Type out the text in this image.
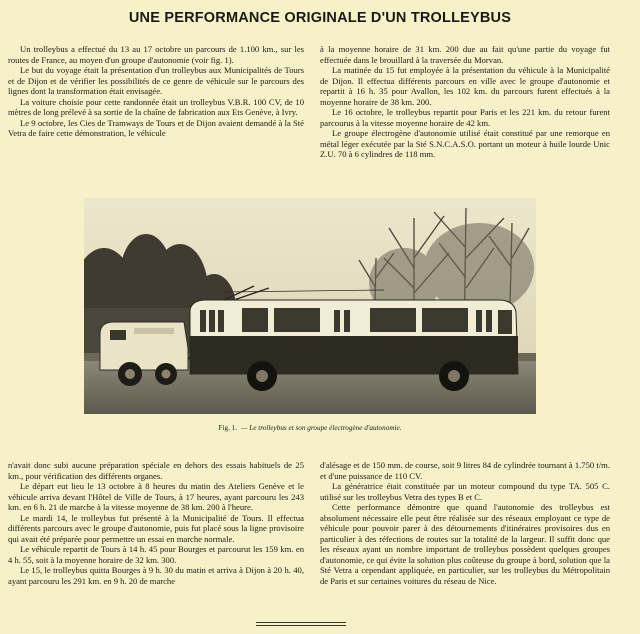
UNE PERFORMANCE ORIGINALE D'UN TROLLEYBUS

Un trolleybus a effectué du 13 au 17 octobre un parcours de 1.100 km., sur les routes de France, au moyen d'un groupe d'autonomie (voir fig. 1).

Le but du voyage était la présentation d'un trolleybus aux Municipalités de Tours et de Dijon et de vérifier les possibilités de ce genre de véhicule sur le parcours des lignes dont la transformation était envisagée.

La voiture choisie pour cette randonnée était un trolleybus V.B.R. 100 CV, de 10 mètres de long prélevé à sa sortie de la chaîne de fabrication aux Ets Genève, à Ivry.

Le 9 octobre, les Cies de Tramways de Tours et de Dijon avaient demandé à la Sté Vetra de faire cette démonstration, le véhicule

à la moyenne horaire de 31 km. 200 due au fait qu'une partie du voyage fut effectuée dans le brouillard à la traversée du Morvan.

La matinée du 15 fut employée à la présentation du véhicule à la Municipalité de Dijon. Il effectua différents parcours en ville avec le groupe d'autonomie et repartit à 16 h. 35 pour Avallon, les 102 km. du parcours furent effectués à la moyenne horaire de 38 km. 200.

Le 16 octobre, le trolleybus repartit pour Paris et les 221 km. du retour furent parcourus à la vitesse moyenne horaire de 42 km.

Le groupe électrogène d'autonomie utilisé était constitué par une remorque en métal léger exécutée par la Sté S.N.C.A.S.O. portant un moteur à huile lourde Unic Z.U. 70 à 6 cylindres de 118 mm.

Fig. 1. — Le trolleybus et son groupe électrogène d'autonomie.

n'avait donc subi aucune préparation spéciale en dehors des essais habituels de 25 km., pour vérification des différents organes.

Le départ eut lieu le 13 octobre à 8 heures du matin des Ateliers Genève et le véhicule arriva devant l'Hôtel de Ville de Tours, à 17 heures, ayant parcouru les 243 km. en 6 h. 21 de marche à la vitesse moyenne de 38 km. 200 à l'heure.

Le mardi 14, le trolleybus fut présenté à la Municipalité de Tours. Il effectua différents parcours avec le groupe d'autonomie, puis fut placé sous la ligne provisoire qui avait été préparée pour permettre un essai en marche normale.

Le véhicule repartit de Tours à 14 h. 45 pour Bourges et parcourut les 159 km. en 4 h. 55, soit à la moyenne horaire de 32 km. 300.

Le 15, le trolleybus quitta Bourges à 9 h. 30 du matin et arriva à Dijon à 20 h. 40, ayant parcouru les 291 km. en 9 h. 20 de marche

d'alésage et de 150 mm. de course, soit 9 litres 84 de cylindrée tournant à 1.750 t/m. et d'une puissance de 110 CV.

La génératrice était constituée par un moteur compound du type TA. 505 C. utilisé sur les trolleybus Vetra des types B et C.

Cette performance démontre que quand l'autonomie des trolleybus est absolument nécessaire elle peut être réalisée sur des réseaux employant ce type de véhicule pour pouvoir parer à des détournements d'itinéraires provisoires dus en particulier à des réfections de routes sur la totalité de la largeur. Il suffit donc que les réseaux ayant un nombre important de trolleybus possèdent quelques groupes d'autonomie, ce qui évite la solution plus coûteuse du groupe à bord, solution que la Sté Vetra a cependant appliquée, en particulier, sur les trolleybus du Métropolitain de Paris et sur certaines voitures du réseau de Nice.
